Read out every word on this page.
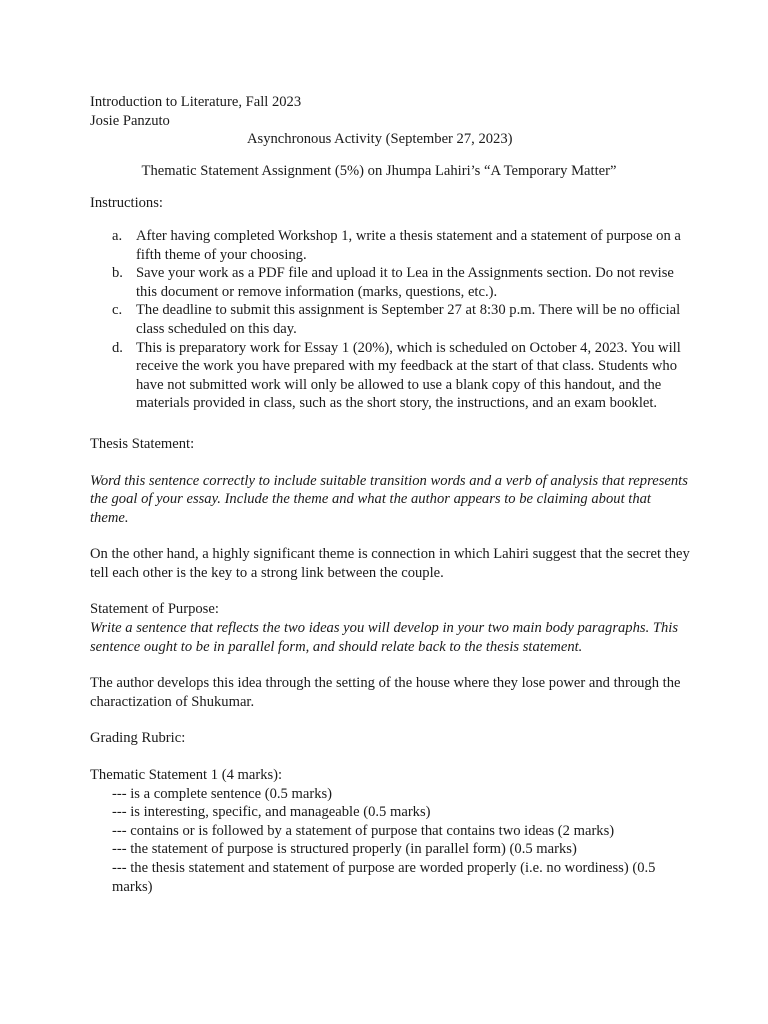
Introduction to Literature, Fall 2023
Josie Panzuto
Asynchronous Activity (September 27, 2023)
Thematic Statement Assignment (5%) on Jhumpa Lahiri’s “A Temporary Matter”
Instructions:
a. After having completed Workshop 1, write a thesis statement and a statement of purpose on a fifth theme of your choosing.
b. Save your work as a PDF file and upload it to Lea in the Assignments section. Do not revise this document or remove information (marks, questions, etc.).
c. The deadline to submit this assignment is September 27 at 8:30 p.m. There will be no official class scheduled on this day.
d. This is preparatory work for Essay 1 (20%), which is scheduled on October 4, 2023. You will receive the work you have prepared with my feedback at the start of that class. Students who have not submitted work will only be allowed to use a blank copy of this handout, and the materials provided in class, such as the short story, the instructions, and an exam booklet.
Thesis Statement:
Word this sentence correctly to include suitable transition words and a verb of analysis that represents the goal of your essay. Include the theme and what the author appears to be claiming about that theme.
On the other hand, a highly significant theme is connection in which Lahiri suggest that the secret they tell each other is the key to a strong link between the couple.
Statement of Purpose:
Write a sentence that reflects the two ideas you will develop in your two main body paragraphs. This sentence ought to be in parallel form, and should relate back to the thesis statement.
The author develops this idea through the setting of the house where they lose power and through the charactization of Shukumar.
Grading Rubric:
Thematic Statement 1 (4 marks):
--- is a complete sentence (0.5 marks)
--- is interesting, specific, and manageable (0.5 marks)
--- contains or is followed by a statement of purpose that contains two ideas (2 marks)
--- the statement of purpose is structured properly (in parallel form) (0.5 marks)
--- the thesis statement and statement of purpose are worded properly (i.e. no wordiness) (0.5 marks)
